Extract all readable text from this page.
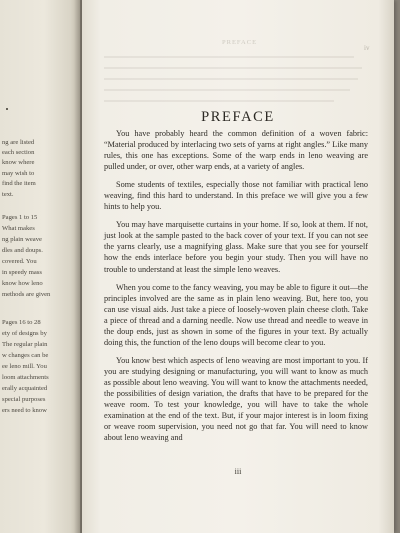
ng are listed
each section
know where
may wish to
find the item
text.
Pages 1 to 15
What makes
ng plain weave
dles and doups.
covered. You
in speedy mass
know how leno
methods are given
Pages 16 to 28
ety of designs by
The regular plain
w changes can be
ee leno mill. You
loom attachments
erally acquainted
special purposes
ers need to know
PREFACE
iv
PREFACE

You have probably heard the common definition of a woven fabric: “Material produced by interlacing two sets of yarns at right angles.” Like many rules, this one has exceptions. Some of the warp ends in leno weaving are pulled under, or over, other warp ends, at a variety of angles.

Some students of textiles, especially those not familiar with practical leno weaving, find this hard to understand. In this preface we will give you a few hints to help you.

You may have marquisette curtains in your home. If so, look at them. If not, just look at the sample pasted to the back cover of your text. If you can not see the yarns clearly, use a magnifying glass. Make sure that you see for yourself how the ends interlace before you begin your study. Then you will have no trouble to understand at least the simple leno weaves.

When you come to the fancy weaving, you may be able to figure it out—the principles involved are the same as in plain leno weaving. But, here too, you can use visual aids. Just take a piece of loosely-woven plain cheese cloth. Take a piece of thread and a darning needle. Now use thread and needle to weave in the doup ends, just as shown in some of the figures in your text. By actually doing this, the function of the leno doups will become clear to you.

You know best which aspects of leno weaving are most important to you. If you are studying designing or manufacturing, you will want to know as much as possible about leno weaving. You will want to know the attachments needed, the possibilities of design variation, the drafts that have to be prepared for the weave room. To test your knowledge, you will have to take the whole examination at the end of the text. But, if your major interest is in loom fixing or weave room supervision, you need not go that far. You will need to know about leno weaving and

iii
